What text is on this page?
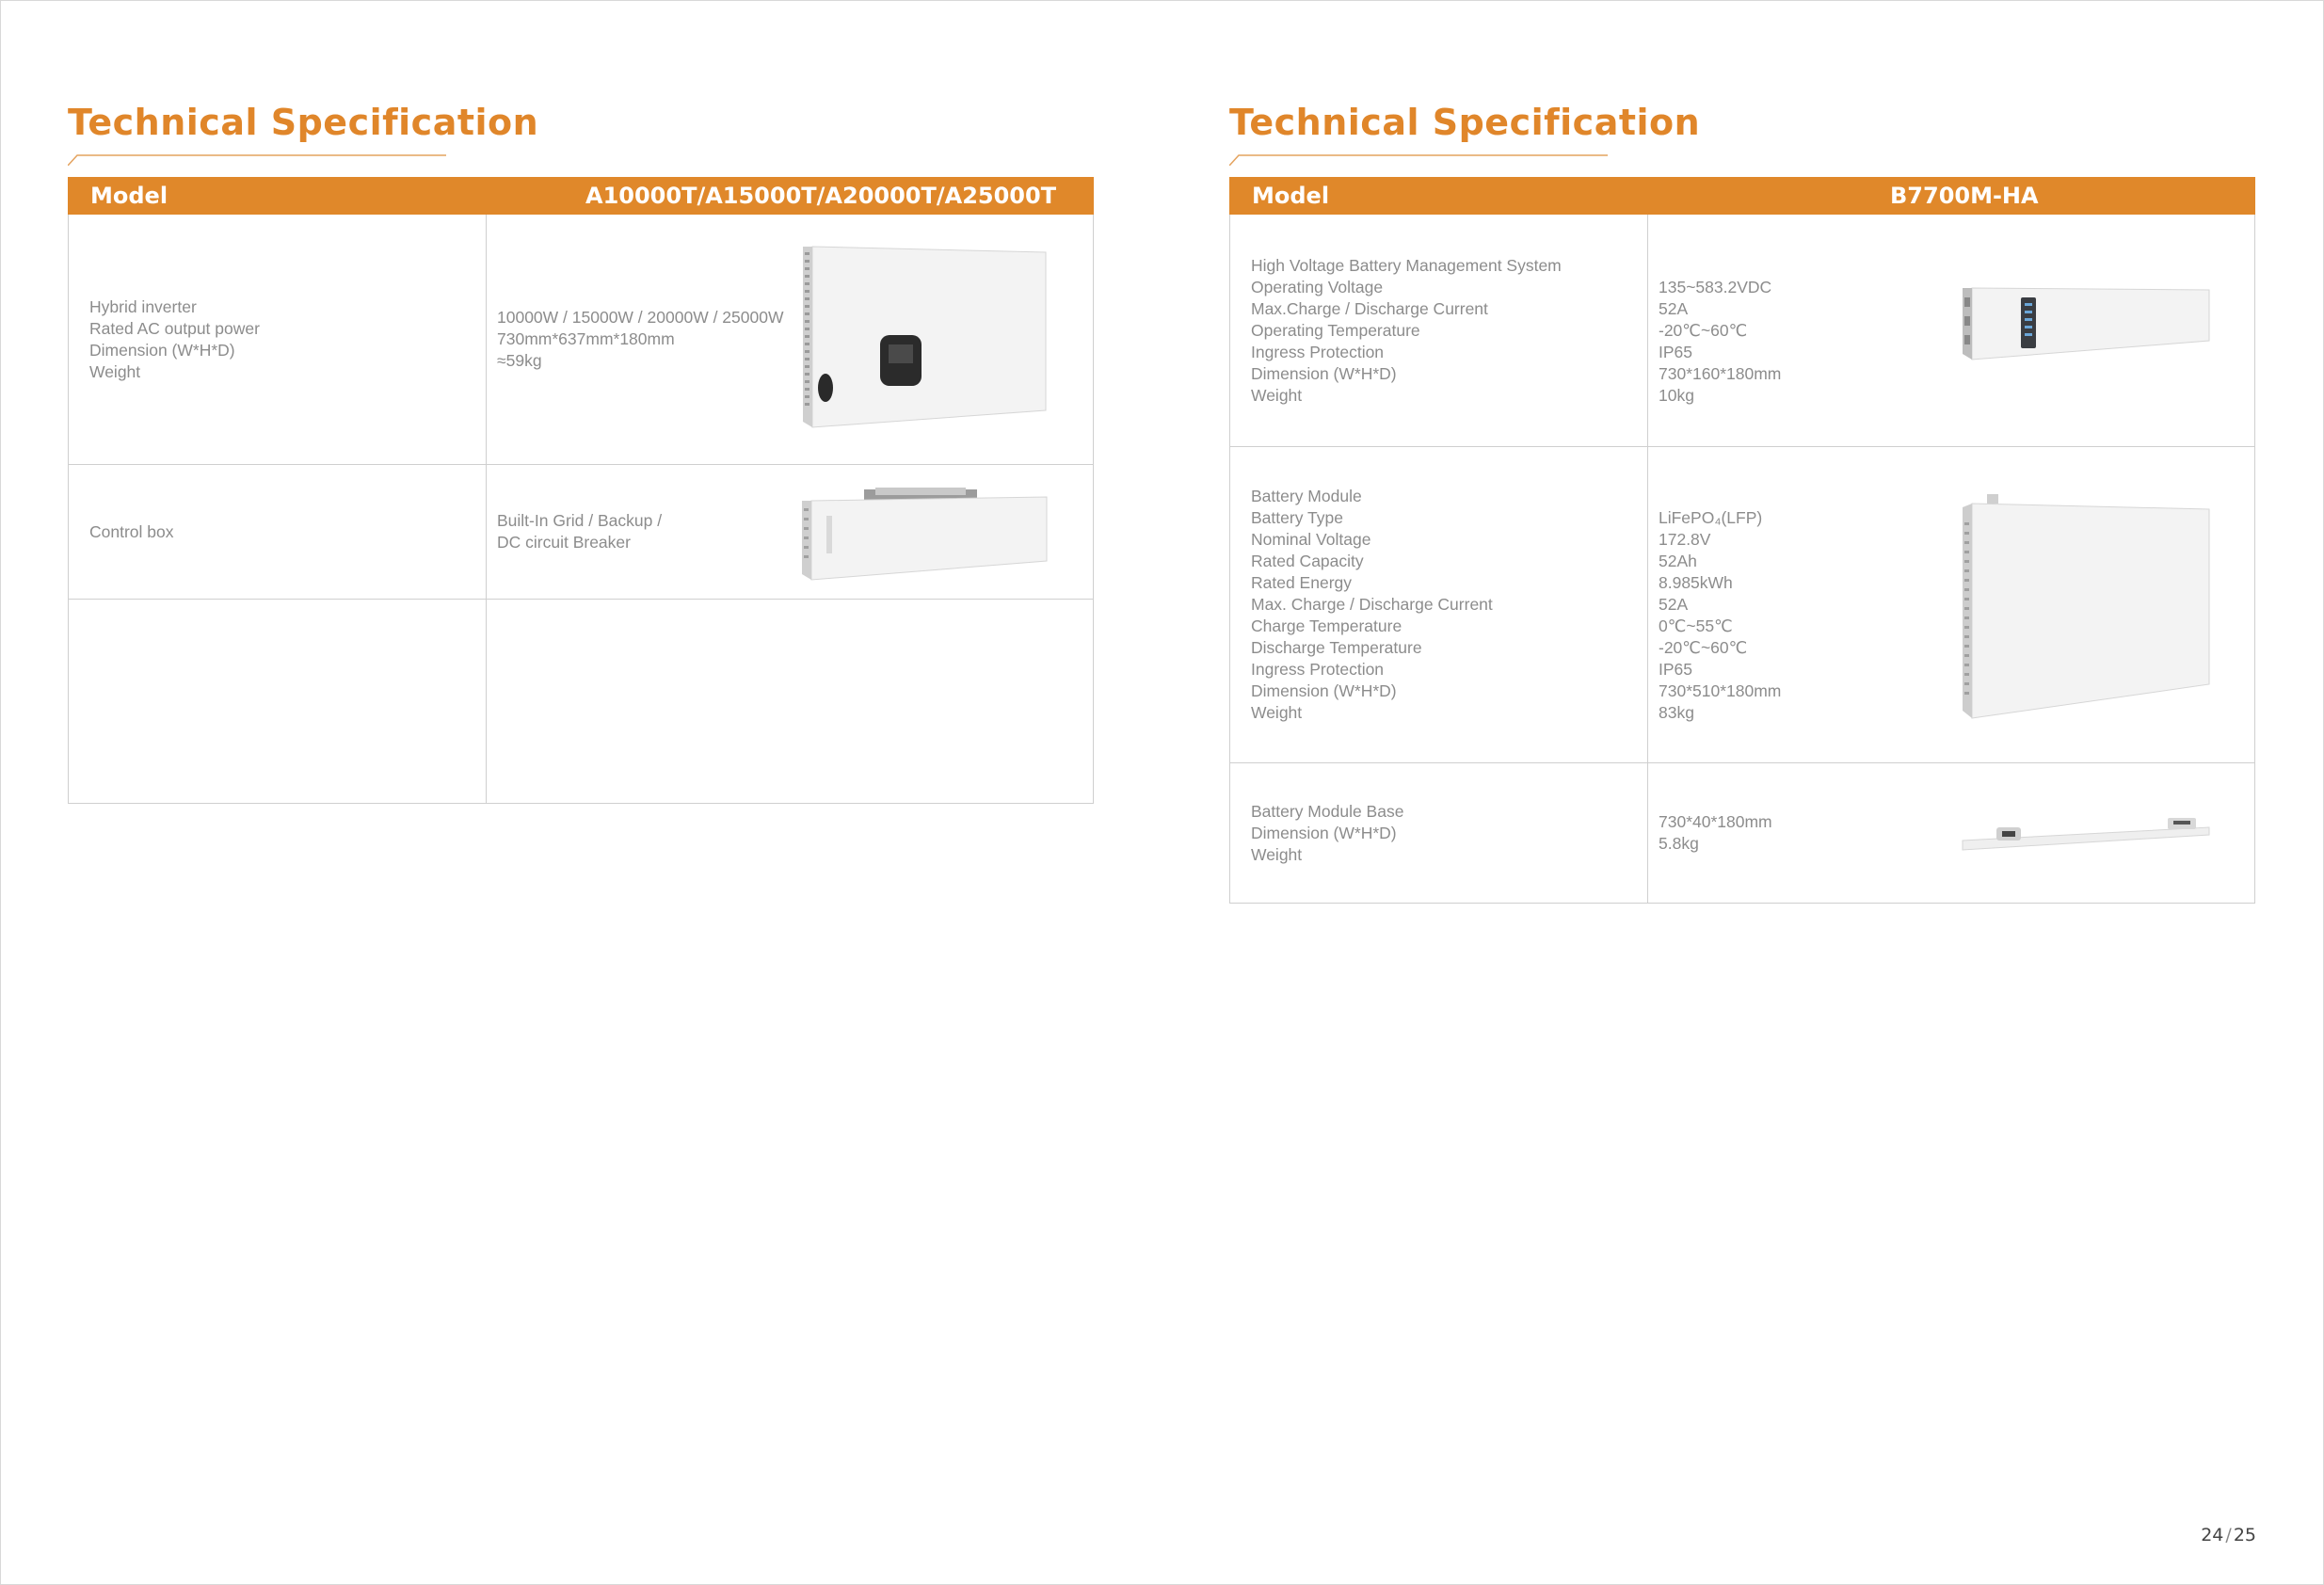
Technical Specification
Model	A10000T/A15000T/A20000T/A25000T
Hybrid inverter
Rated AC output power
Dimension (W*H*D)
Weight
10000W / 15000W / 20000W / 25000W
730mm*637mm*180mm
≈59kg
Control box
Built-In Grid / Backup /
DC circuit Breaker
Technical Specification
Model	B7700M-HA
High Voltage Battery Management System
Operating Voltage
Max.Charge / Discharge Current
Operating Temperature
Ingress Protection
Dimension (W*H*D)
Weight
135~583.2VDC
52A
-20℃~60℃
IP65
730*160*180mm
10kg
Battery Module
Battery Type
Nominal Voltage
Rated Capacity
Rated Energy
Max. Charge / Discharge Current
Charge Temperature
Discharge Temperature
Ingress Protection
Dimension (W*H*D)
Weight
LiFePO₄(LFP)
172.8V
52Ah
8.985kWh
52A
0℃~55℃
-20℃~60℃
IP65
730*510*180mm
83kg
Battery Module Base
Dimension (W*H*D)
Weight
730*40*180mm
5.8kg
24 / 25
